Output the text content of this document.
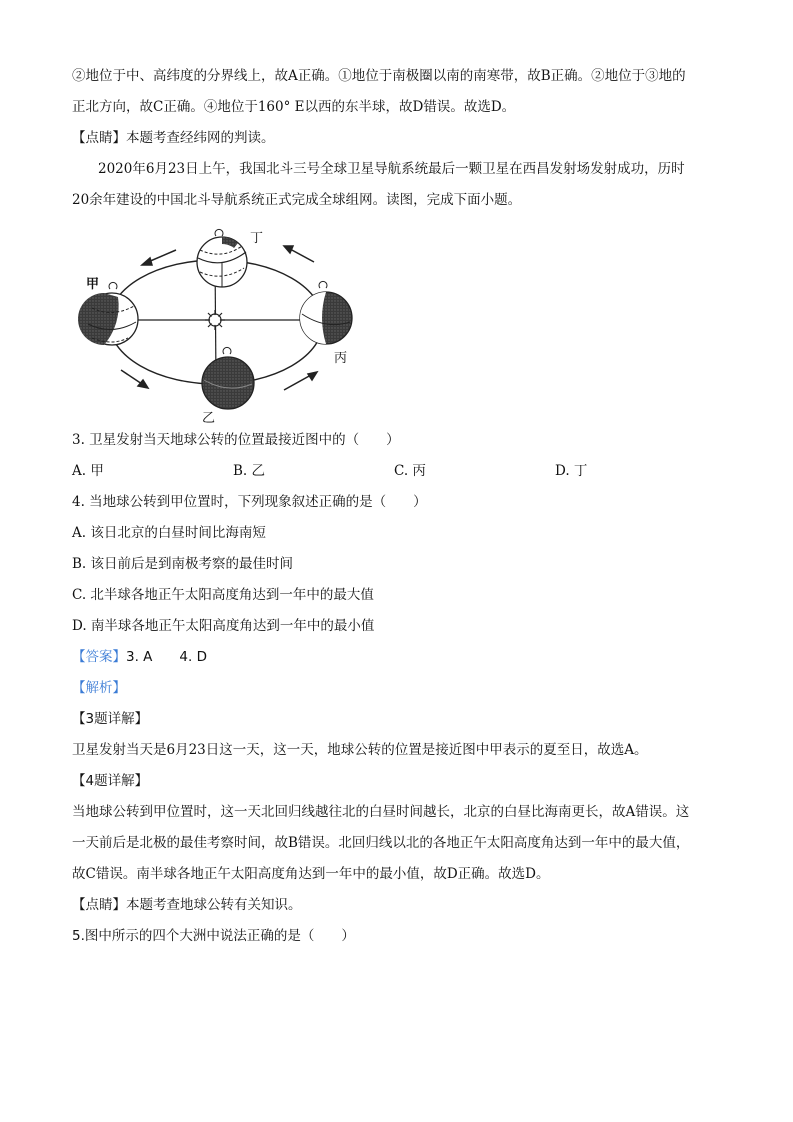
②地位于中、高纬度的分界线上，故A正确。①地位于南极圈以南的南寒带，故B正确。②地位于③地的
正北方向，故C正确。④地位于160° E以西的东半球，故D错误。故选D。
【点睛】本题考查经纬网的判读。
2020年6月23日上午，我国北斗三号全球卫星导航系统最后一颗卫星在西昌发射场发射成功，历时
20余年建设的中国北斗导航系统正式完成全球组网。读图，完成下面小题。
丁
甲
丙
乙
3. 卫星发射当天地球公转的位置最接近图中的（　　）
A. 甲	B. 乙	C. 丙	D. 丁
4. 当地球公转到甲位置时，下列现象叙述正确的是（　　）
A. 该日北京的白昼时间比海南短
B. 该日前后是到南极考察的最佳时间
C. 北半球各地正午太阳高度角达到一年中的最大值
D. 南半球各地正午太阳高度角达到一年中的最小值
【答案】3. A　　4. D
【解析】
【3题详解】
卫星发射当天是6月23日这一天，这一天，地球公转的位置是接近图中甲表示的夏至日，故选A。
【4题详解】
当地球公转到甲位置时，这一天北回归线越往北的白昼时间越长，北京的白昼比海南更长，故A错误。这
一天前后是北极的最佳考察时间，故B错误。北回归线以北的各地正午太阳高度角达到一年中的最大值，
故C错误。南半球各地正午太阳高度角达到一年中的最小值，故D正确。故选D。
【点睛】本题考查地球公转有关知识。
5.图中所示的四个大洲中说法正确的是（　　）
